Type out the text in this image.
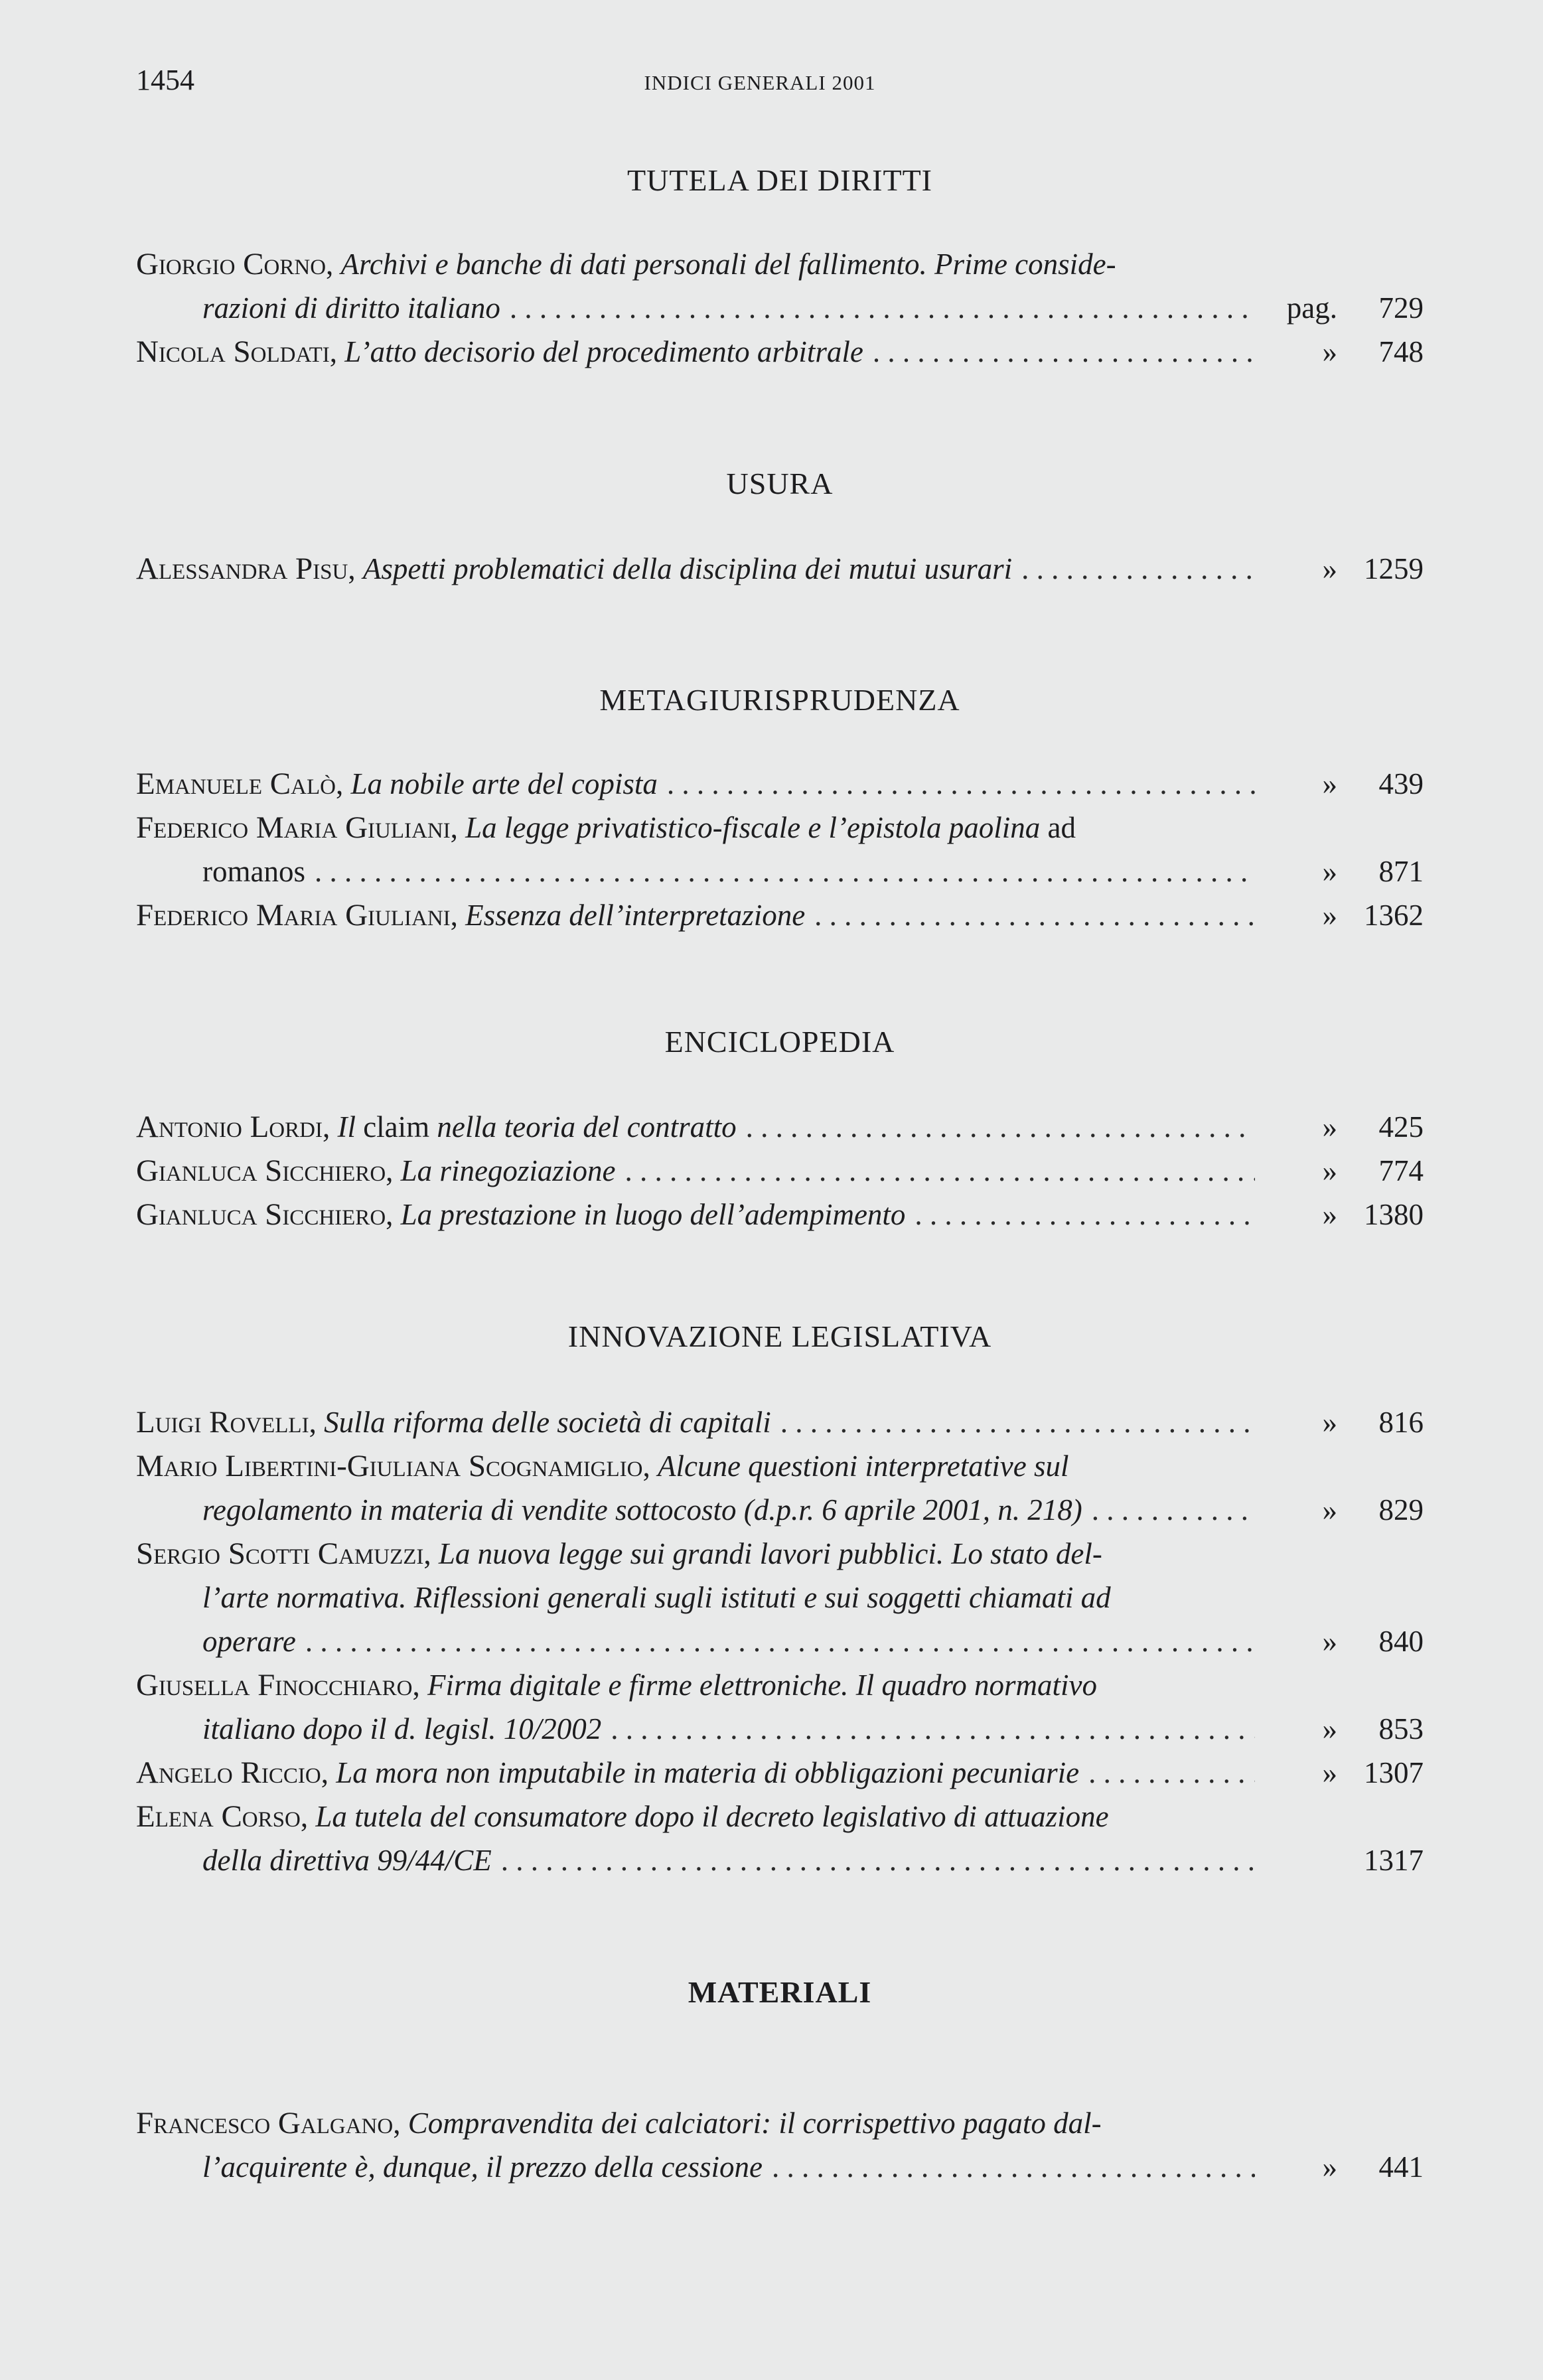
1454	INDICI GENERALI 2001
TUTELA DEI DIRITTI
Giorgio Corno, Archivi e banche di dati personali del fallimento. Prime conside-
razioni di diritto italiano . . .	pag.	729
Nicola Soldati, L’atto decisorio del procedimento arbitrale . . .	»	748
USURA
Alessandra Pisu, Aspetti problematici della disciplina dei mutui usurari . . .	» 1259
METAGIURISPRUDENZA
Emanuele Calò, La nobile arte del copista . . .	»	439
Federico Maria Giuliani, La legge privatistico-fiscale e l’epistola paolina ad
romanos . . .	»	871
Federico Maria Giuliani, Essenza dell’interpretazione . . .	» 1362
ENCICLOPEDIA
Antonio Lordi, Il claim nella teoria del contratto . . .	»	425
Gianluca Sicchiero, La rinegoziazione . . .	»	774
Gianluca Sicchiero, La prestazione in luogo dell’adempimento . . .	» 1380
INNOVAZIONE LEGISLATIVA
Luigi Rovelli, Sulla riforma delle società di capitali . . .	»	816
Mario Libertini-Giuliana Scognamiglio, Alcune questioni interpretative sul
regolamento in materia di vendite sottocosto (d.p.r. 6 aprile 2001, n. 218) . . .	»	829
Sergio Scotti Camuzzi, La nuova legge sui grandi lavori pubblici. Lo stato del-
l’arte normativa. Riflessioni generali sugli istituti e sui soggetti chiamati ad
operare . . .	»	840
Giusella Finocchiaro, Firma digitale e firme elettroniche. Il quadro normativo
italiano dopo il d. legisl. 10/2002 . . .	»	853
Angelo Riccio, La mora non imputabile in materia di obbligazioni pecuniarie . . .	» 1307
Elena Corso, La tutela del consumatore dopo il decreto legislativo di attuazione
della direttiva 99/44/CE . . .	1317
MATERIALI
Francesco Galgano, Compravendita dei calciatori: il corrispettivo pagato dal-
l’acquirente è, dunque, il prezzo della cessione . . .	»	441
